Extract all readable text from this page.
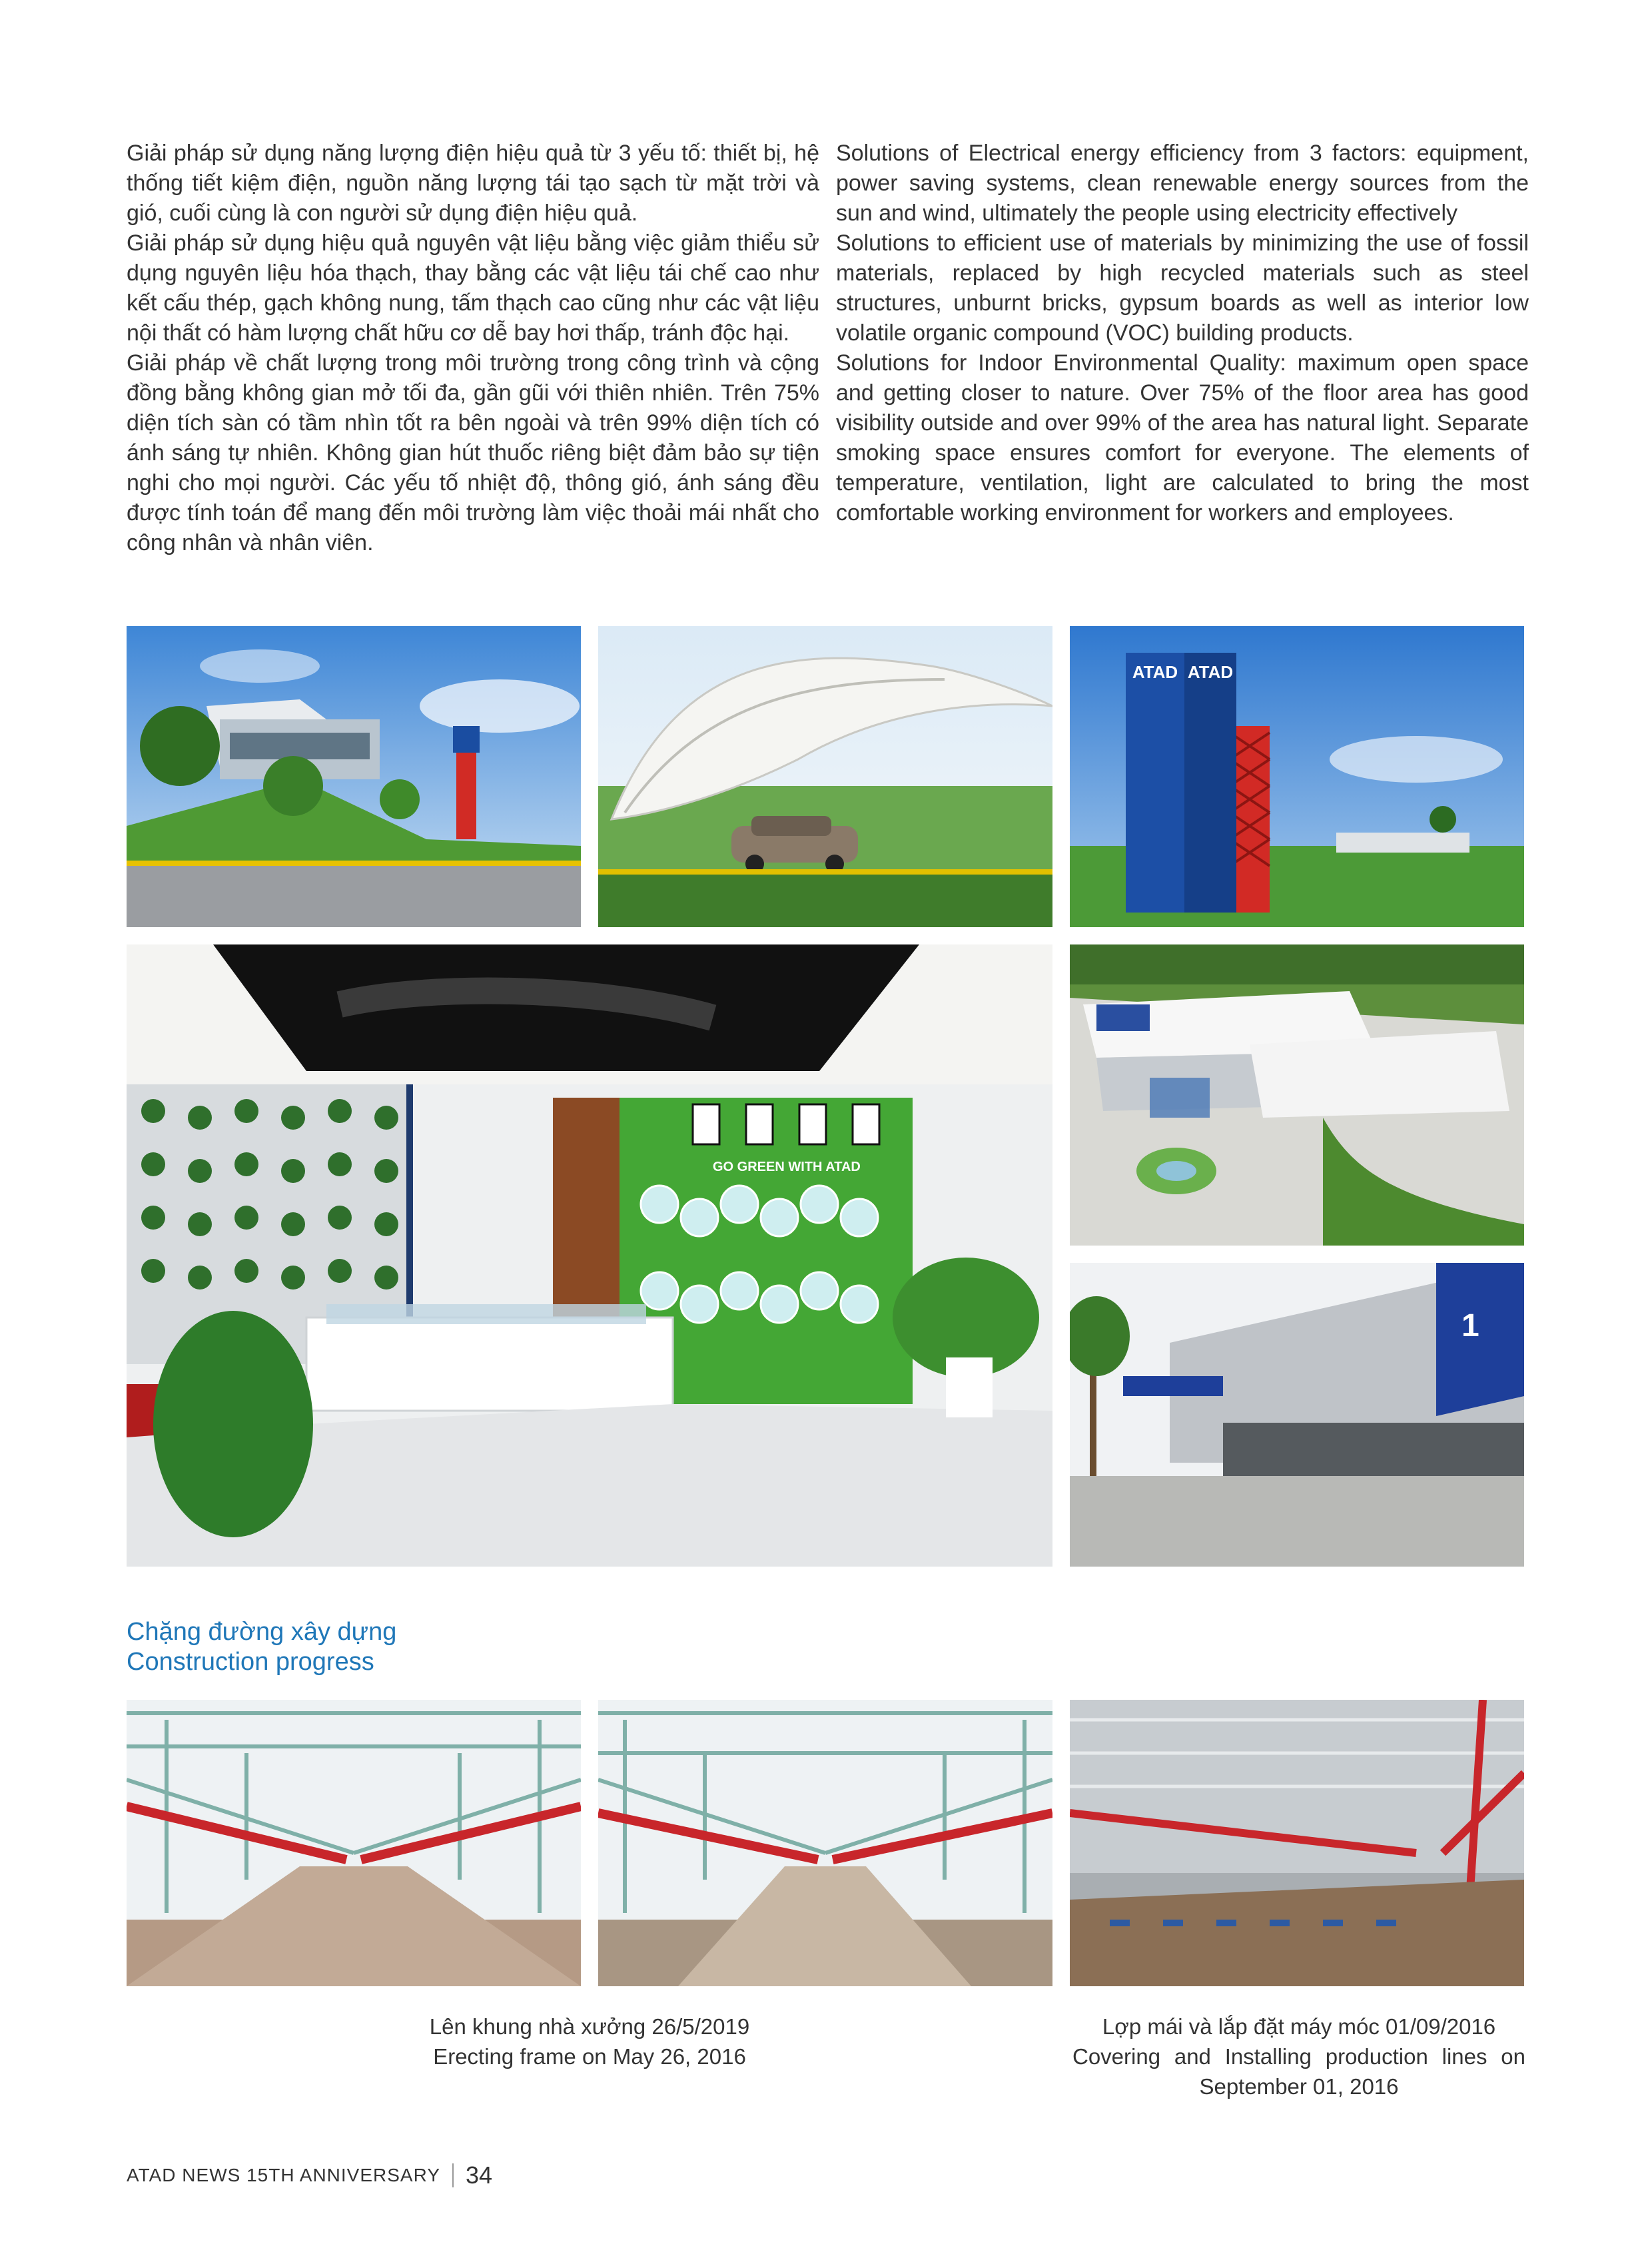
Giải pháp sử dụng năng lượng điện hiệu quả từ 3 yếu tố: thiết bị, hệ thống tiết kiệm điện, nguồn năng lượng tái tạo sạch từ mặt trời và gió, cuối cùng là con người sử dụng điện hiệu quả.

Giải pháp sử dụng hiệu quả nguyên vật liệu bằng việc giảm thiểu sử dụng nguyên liệu hóa thạch, thay bằng các vật liệu tái chế cao như kết cấu thép, gạch không nung, tấm thạch cao cũng như các vật liệu nội thất có hàm lượng chất hữu cơ dễ bay hơi thấp, tránh độc hại.

Giải pháp về chất lượng trong môi trường trong công trình và cộng đồng bằng không gian mở tối đa, gần gũi với thiên nhiên. Trên 75% diện tích sàn có tầm nhìn tốt ra bên ngoài và trên 99% diện tích có ánh sáng tự nhiên. Không gian hút thuốc riêng biệt đảm bảo sự tiện nghi cho mọi người. Các yếu tố nhiệt độ, thông gió, ánh sáng đều được tính toán để mang đến môi trường làm việc thoải mái nhất cho công nhân và nhân viên.

Solutions of Electrical energy efficiency from 3 factors: equipment, power saving systems, clean renewable energy sources from the sun and wind, ultimately the people using electricity effectively

Solutions to efficient use of materials by minimizing the use of fossil materials, replaced by high recycled materials such as steel structures, unburnt bricks, gypsum boards as well as interior low volatile organic compound (VOC) building products.

Solutions for Indoor Environmental Quality: maximum open space and getting closer to nature. Over 75% of the floor area has good visibility outside and over 99% of the area has natural light. Separate smoking space ensures comfort for everyone. The elements of temperature, ventilation, light are calculated to bring the most comfortable working environment for workers and employees.

ATAD ATAD
GO GREEN WITH ATAD
1
Chặng đường xây dựng
Construction progress
Lên khung nhà xưởng 26/5/2019
Erecting frame on May 26, 2016
Lợp mái và lắp đặt máy móc 01/09/2016
Covering and Installing production lines on
September 01, 2016
ATAD NEWS 15TH ANNIVERSARY 34
